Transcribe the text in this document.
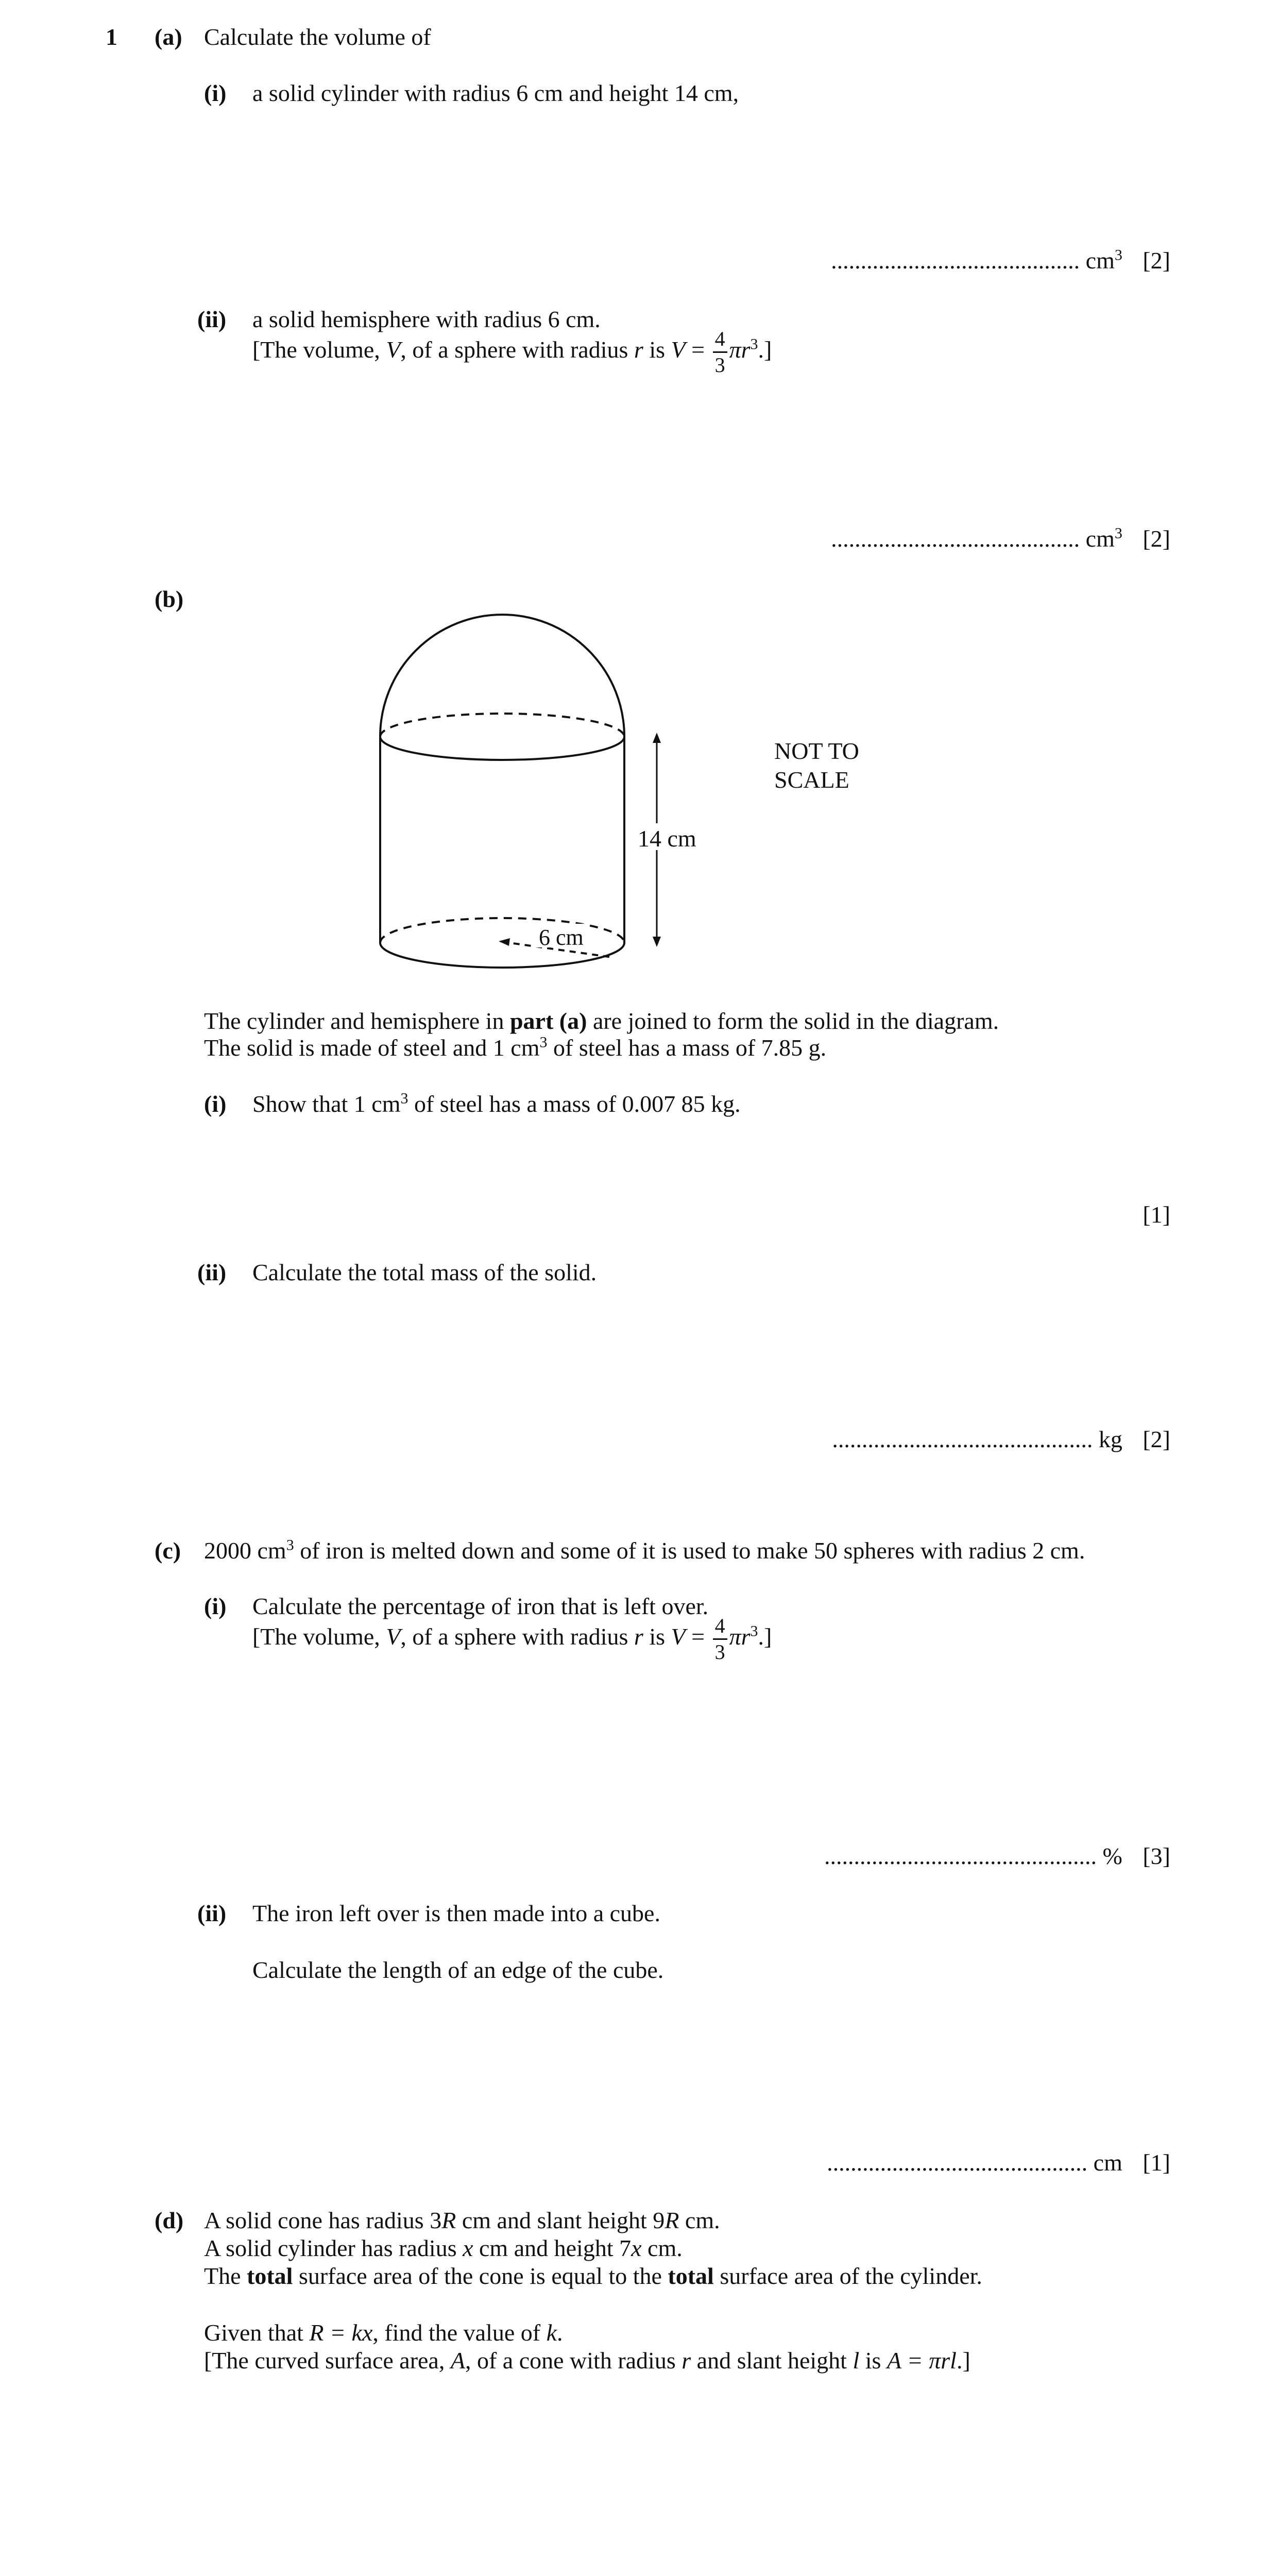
1 (a) Calculate the volume of
(i) a solid cylinder with radius 6 cm and height 14 cm,
.......................................... $cm^3$ [2]
(ii) a solid hemisphere with radius 6 cm.
[The volume, V, of a sphere with radius r is $V = \frac{4}{3} \pi r^3$.]
.......................................... $cm^3$ [2]
(b)
14 cm
6 cm
NOT TO
SCALE
The cylinder and hemisphere in part (a) are joined to form the solid in the diagram.
The solid is made of steel and 1 $cm^3$ of steel has a mass of 7.85 g.
(i) Show that 1 $cm^3$ of steel has a mass of 0.007 85 kg.
[1]
(ii) Calculate the total mass of the solid.
............................................ kg [2]
(c) 2000 $cm^3$ of iron is melted down and some of it is used to make 50 spheres with radius 2 cm.
(i) Calculate the percentage of iron that is left over.
[The volume, V, of a sphere with radius r is $V = \frac{4}{3} \pi r^3$.]
.............................................. % [3]
(ii) The iron left over is then made into a cube.
Calculate the length of an edge of the cube.
............................................ cm [1]
(d) A solid cone has radius 3R cm and slant height 9R cm.
A solid cylinder has radius x cm and height 7x cm.
The total surface area of the cone is equal to the total surface area of the cylinder.
Given that R = kx, find the value of k.
[The curved surface area, A, of a cone with radius r and slant height l is A = πrl.]
